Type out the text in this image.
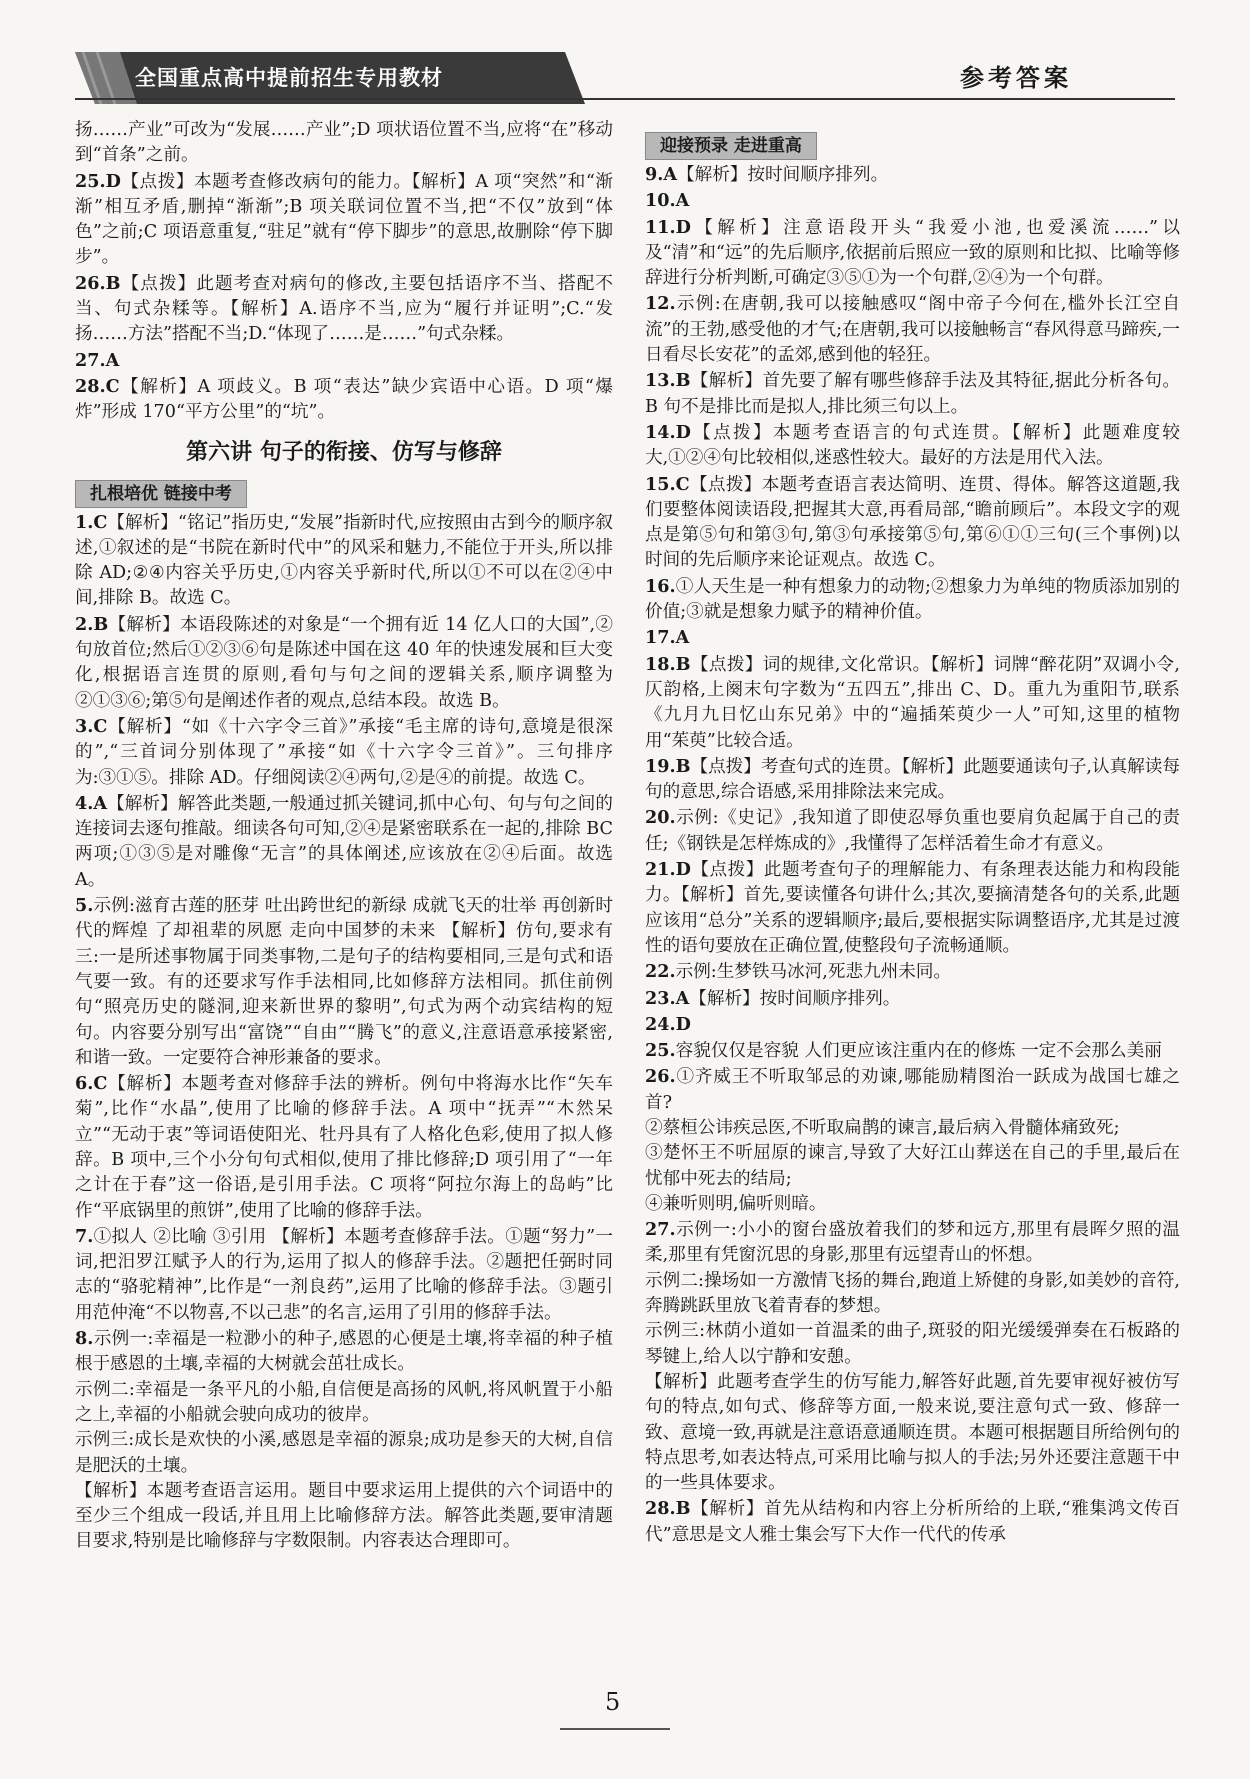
全国重点高中提前招生专用教材	参考答案

扬……产业”可改为“发展……产业”;D 项状语位置不当,应将“在”移动到“首条”之前。

25.D【点拨】本题考查修改病句的能力。【解析】A 项“突然”和“渐渐”相互矛盾,删掉“渐渐”;B 项关联词位置不当,把“不仅”放到“体色”之前;C 项语意重复,“驻足”就有“停下脚步”的意思,故删除“停下脚步”。

26.B【点拨】此题考查对病句的修改,主要包括语序不当、搭配不当、句式杂糅等。【解析】A.语序不当,应为“履行并证明”;C.“发扬……方法”搭配不当;D.“体现了……是……”句式杂糅。

27.A

28.C【解析】A 项歧义。B 项“表达”缺少宾语中心语。D 项“爆炸”形成 170“平方公里”的“坑”。

第六讲 句子的衔接、仿写与修辞
扎根培优 链接中考

1.C【解析】“铭记”指历史,“发展”指新时代,应按照由古到今的顺序叙述,①叙述的是“书院在新时代中”的风采和魅力,不能位于开头,所以排除 AD;②④内容关乎历史,①内容关乎新时代,所以①不可以在②④中间,排除 B。故选 C。

2.B【解析】本语段陈述的对象是“一个拥有近 14 亿人口的大国”,②句放首位;然后①②③⑥句是陈述中国在这 40 年的快速发展和巨大变化,根据语言连贯的原则,看句与句之间的逻辑关系,顺序调整为②①③⑥;第⑤句是阐述作者的观点,总结本段。故选 B。

3.C【解析】“如《十六字令三首》”承接“毛主席的诗句,意境是很深的”,“三首词分别体现了”承接“如《十六字令三首》”。三句排序为:③①⑤。排除 AD。仔细阅读②④两句,②是④的前提。故选 C。

4.A【解析】解答此类题,一般通过抓关键词,抓中心句、句与句之间的连接词去逐句推敲。细读各句可知,②④是紧密联系在一起的,排除 BC 两项;①③⑤是对雕像“无言”的具体阐述,应该放在②④后面。故选 A。

5.示例:滋育古莲的胚芽 吐出跨世纪的新绿 成就飞天的壮举 再创新时代的辉煌 了却祖辈的夙愿 走向中国梦的未来 【解析】仿句,要求有三:一是所述事物属于同类事物,二是句子的结构要相同,三是句式和语气要一致。有的还要求写作手法相同,比如修辞方法相同。抓住前例句“照亮历史的隧洞,迎来新世界的黎明”,句式为两个动宾结构的短句。内容要分别写出“富饶”“自由”“腾飞”的意义,注意语意承接紧密,和谐一致。一定要符合神形兼备的要求。

6.C【解析】本题考查对修辞手法的辨析。例句中将海水比作“矢车菊”,比作“水晶”,使用了比喻的修辞手法。A 项中“抚弄”“木然呆立”“无动于衷”等词语使阳光、牡丹具有了人格化色彩,使用了拟人修辞。B 项中,三个小分句句式相似,使用了排比修辞;D 项引用了“一年之计在于春”这一俗语,是引用手法。C 项将“阿拉尔海上的岛屿”比作“平底锅里的煎饼”,使用了比喻的修辞手法。

7.①拟人 ②比喻 ③引用 【解析】本题考查修辞手法。①题“努力”一词,把汨罗江赋予人的行为,运用了拟人的修辞手法。②题把任弼时同志的“骆驼精神”,比作是“一剂良药”,运用了比喻的修辞手法。③题引用范仲淹“不以物喜,不以己悲”的名言,运用了引用的修辞手法。

8.示例一:幸福是一粒渺小的种子,感恩的心便是土壤,将幸福的种子植根于感恩的土壤,幸福的大树就会茁壮成长。

示例二:幸福是一条平凡的小船,自信便是高扬的风帆,将风帆置于小船之上,幸福的小船就会驶向成功的彼岸。

示例三:成长是欢快的小溪,感恩是幸福的源泉;成功是参天的大树,自信是肥沃的土壤。

【解析】本题考查语言运用。题目中要求运用上提供的六个词语中的至少三个组成一段话,并且用上比喻修辞方法。解答此类题,要审清题目要求,特别是比喻修辞与字数限制。内容表达合理即可。

迎接预录 走进重高

9.A【解析】按时间顺序排列。

10.A

11.D【解析】注意语段开头“我爱小池,也爱溪流……”以及“清”和“远”的先后顺序,依据前后照应一致的原则和比拟、比喻等修辞进行分析判断,可确定③⑤①为一个句群,②④为一个句群。

12.示例:在唐朝,我可以接触感叹“阁中帝子今何在,槛外长江空自流”的王勃,感受他的才气;在唐朝,我可以接触畅言“春风得意马蹄疾,一日看尽长安花”的孟郊,感到他的轻狂。

13.B【解析】首先要了解有哪些修辞手法及其特征,据此分析各句。B 句不是排比而是拟人,排比须三句以上。

14.D【点拨】本题考查语言的句式连贯。【解析】此题难度较大,①②④句比较相似,迷惑性较大。最好的方法是用代入法。

15.C【点拨】本题考查语言表达简明、连贯、得体。解答这道题,我们要整体阅读语段,把握其大意,再看局部,“瞻前顾后”。本段文字的观点是第⑤句和第③句,第③句承接第⑤句,第⑥①①三句(三个事例)以时间的先后顺序来论证观点。故选 C。

16.①人天生是一种有想象力的动物;②想象力为单纯的物质添加别的价值;③就是想象力赋予的精神价值。

17.A

18.B【点拨】词的规律,文化常识。【解析】词牌“醉花阴”双调小令,仄韵格,上阕末句字数为“五四五”,排出 C、D。重九为重阳节,联系《九月九日忆山东兄弟》中的“遍插茱萸少一人”可知,这里的植物用“茱萸”比较合适。

19.B【点拨】考查句式的连贯。【解析】此题要通读句子,认真解读每句的意思,综合语感,采用排除法来完成。

20.示例:《史记》,我知道了即使忍辱负重也要肩负起属于自己的责任;《钢铁是怎样炼成的》,我懂得了怎样活着生命才有意义。

21.D【点拨】此题考查句子的理解能力、有条理表达能力和构段能力。【解析】首先,要读懂各句讲什么;其次,要摘清楚各句的关系,此题应该用“总分”关系的逻辑顺序;最后,要根据实际调整语序,尤其是过渡性的语句要放在正确位置,使整段句子流畅通顺。

22.示例:生梦铁马冰河,死悲九州未同。

23.A【解析】按时间顺序排列。

24.D

25.容貌仅仅是容貌 人们更应该注重内在的修炼 一定不会那么美丽

26.①齐威王不听取邹忌的劝谏,哪能励精图治一跃成为战国七雄之首?

②蔡桓公讳疾忌医,不听取扁鹊的谏言,最后病入骨髓体痛致死;

③楚怀王不听屈原的谏言,导致了大好江山葬送在自己的手里,最后在忧郁中死去的结局;

④兼听则明,偏听则暗。

27.示例一:小小的窗台盛放着我们的梦和远方,那里有晨晖夕照的温柔,那里有凭窗沉思的身影,那里有远望青山的怀想。

示例二:操场如一方激情飞扬的舞台,跑道上矫健的身影,如美妙的音符,奔腾跳跃里放飞着青春的梦想。

示例三:林荫小道如一首温柔的曲子,斑驳的阳光缓缓弹奏在石板路的琴键上,给人以宁静和安憩。

【解析】此题考查学生的仿写能力,解答好此题,首先要审视好被仿写句的特点,如句式、修辞等方面,一般来说,要注意句式一致、修辞一致、意境一致,再就是注意语意通顺连贯。本题可根据题目所给例句的特点思考,如表达特点,可采用比喻与拟人的手法;另外还要注意题干中的一些具体要求。

28.B【解析】首先从结构和内容上分析所给的上联,“雅集鸿文传百代”意思是文人雅士集会写下大作一代代的传承

5
